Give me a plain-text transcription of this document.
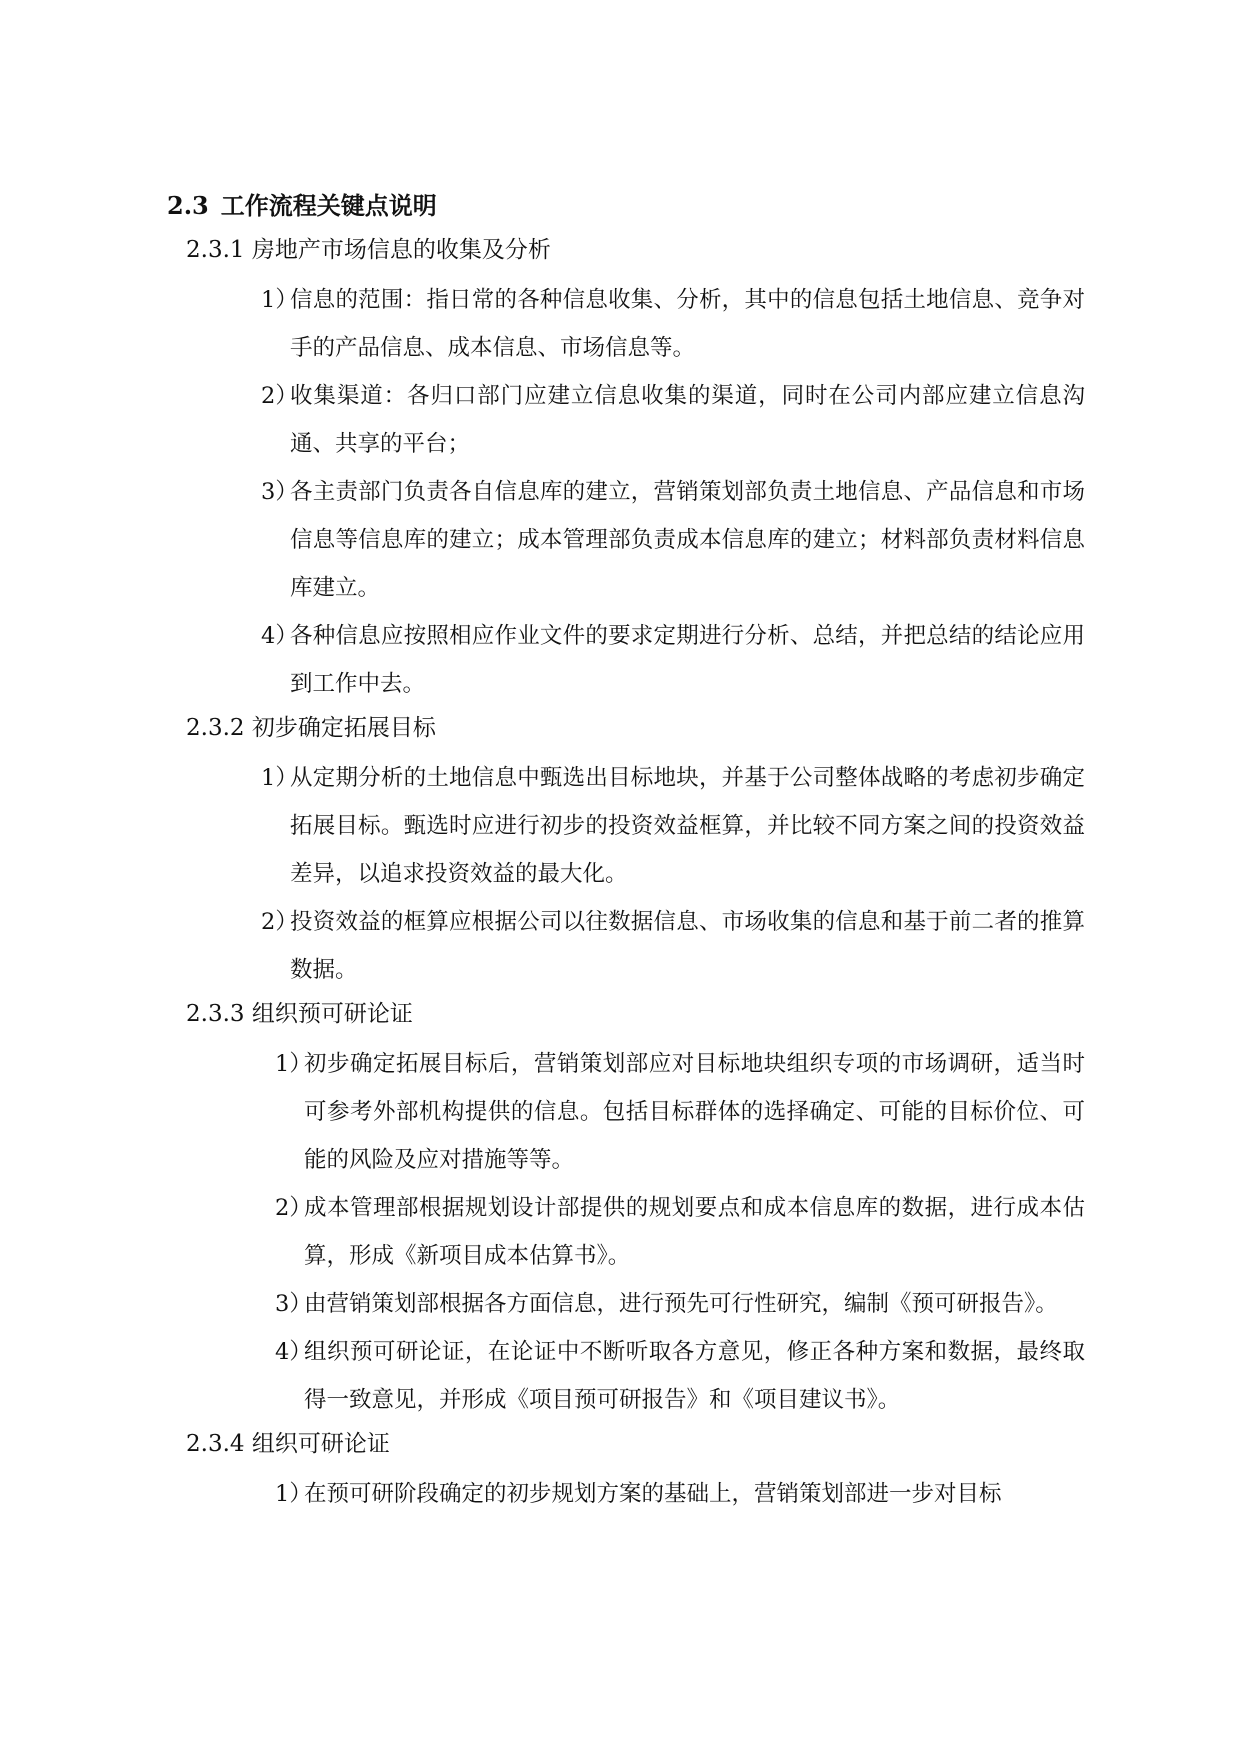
2.3 工作流程关键点说明
2.3.1 房地产市场信息的收集及分析
1）
信息的范围：指日常的各种信息收集、分析，其中的信息包括土地信息、竞争对手的产品信息、成本信息、市场信息等。
2）
收集渠道：各归口部门应建立信息收集的渠道，同时在公司内部应建立信息沟通、共享的平台；
3）
各主责部门负责各自信息库的建立，营销策划部负责土地信息、产品信息和市场信息等信息库的建立；成本管理部负责成本信息库的建立；材料部负责材料信息库建立。
4）
各种信息应按照相应作业文件的要求定期进行分析、总结，并把总结的结论应用到工作中去。
2.3.2 初步确定拓展目标
1）
从定期分析的土地信息中甄选出目标地块，并基于公司整体战略的考虑初步确定拓展目标。甄选时应进行初步的投资效益框算，并比较不同方案之间的投资效益差异，以追求投资效益的最大化。
2）
投资效益的框算应根据公司以往数据信息、市场收集的信息和基于前二者的推算数据。
2.3.3 组织预可研论证
1）
初步确定拓展目标后，营销策划部应对目标地块组织专项的市场调研，适当时可参考外部机构提供的信息。包括目标群体的选择确定、可能的目标价位、可能的风险及应对措施等等。
2）
成本管理部根据规划设计部提供的规划要点和成本信息库的数据，进行成本估算，形成《新项目成本估算书》。
3）
由营销策划部根据各方面信息，进行预先可行性研究，编制《预可研报告》。
4）
组织预可研论证，在论证中不断听取各方意见，修正各种方案和数据，最终取得一致意见，并形成《项目预可研报告》和《项目建议书》。
2.3.4 组织可研论证
1）
在预可研阶段确定的初步规划方案的基础上，营销策划部进一步对目标
